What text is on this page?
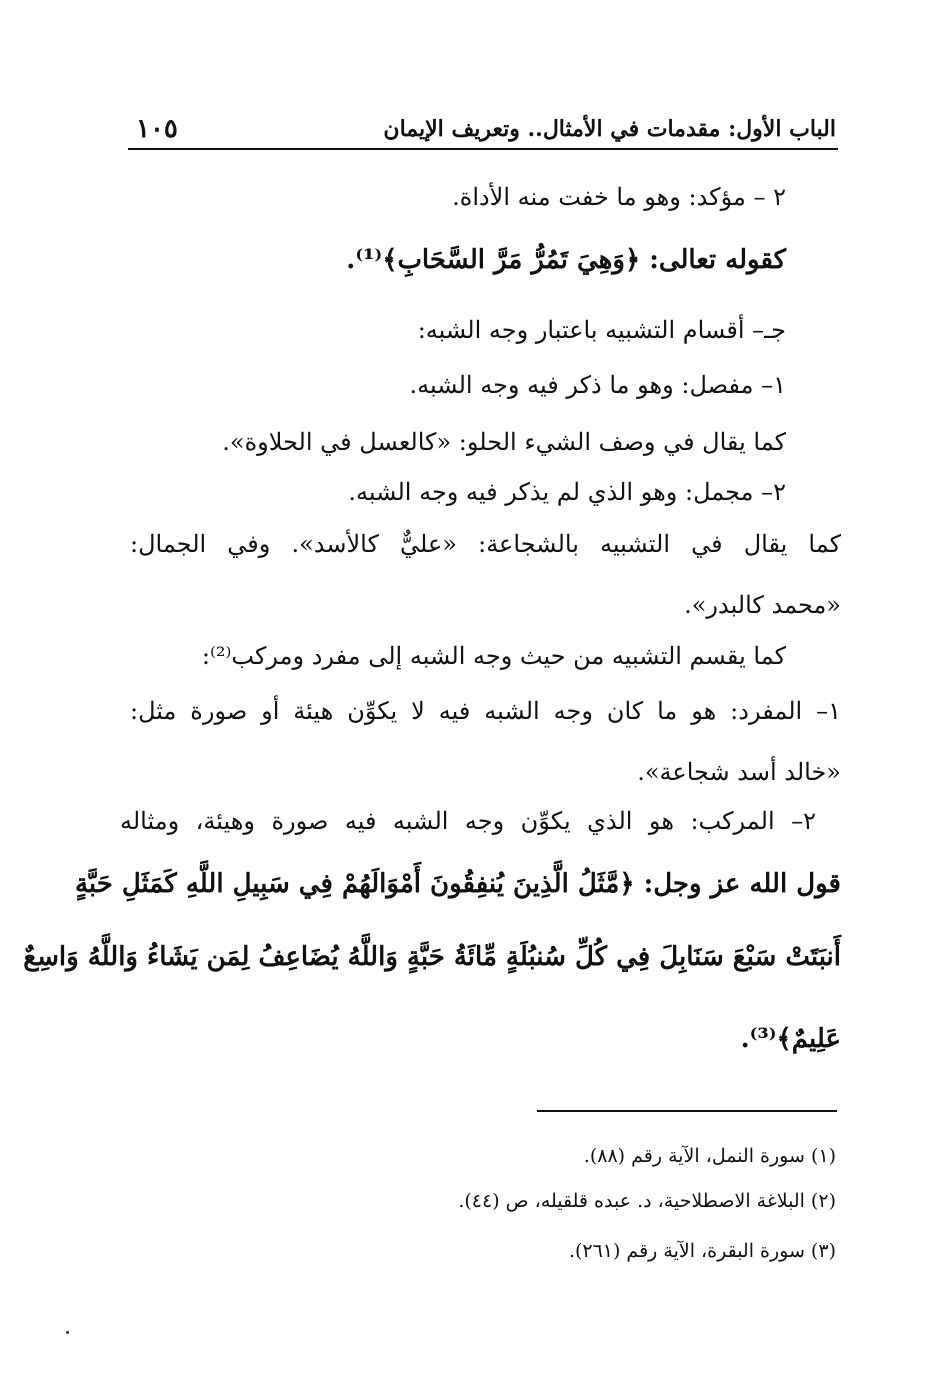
١٠٥	الباب الأول: مقدمات في الأمثال.. وتعريف الإيمان
٢ – مؤكد: وهو ما خفت منه الأداة.
كقوله تعالى: ﴿وَهِيَ تَمُرُّ مَرَّ السَّحَابِ﴾⁽¹⁾.
جـ– أقسام التشبيه باعتبار وجه الشبه:
١– مفصل: وهو ما ذكر فيه وجه الشبه.
كما يقال في وصف الشيء الحلو: «كالعسل في الحلاوة».
٢– مجمل: وهو الذي لم يذكر فيه وجه الشبه.
كما يقال في التشبيه بالشجاعة: «عليٌّ كالأسد». وفي الجمال:
«محمد كالبدر».
كما يقسم التشبيه من حيث وجه الشبه إلى مفرد ومركب⁽²⁾:
١– المفرد: هو ما كان وجه الشبه فيه لا يكوِّن هيئة أو صورة مثل:
«خالد أسد شجاعة».
٢– المركب: هو الذي يكوِّن وجه الشبه فيه صورة وهيئة، ومثاله
قول الله عز وجل: ﴿مَّثَلُ الَّذِينَ يُنفِقُونَ أَمْوَالَهُمْ فِي سَبِيلِ اللَّهِ كَمَثَلِ حَبَّةٍ
أَنبَتَتْ سَبْعَ سَنَابِلَ فِي كُلِّ سُنبُلَةٍ مِّائَةُ حَبَّةٍ وَاللَّهُ يُضَاعِفُ لِمَن يَشَاءُ وَاللَّهُ وَاسِعٌ
عَلِيمٌ﴾⁽³⁾.
(١) سورة النمل، الآية رقم (٨٨).
(٢) البلاغة الاصطلاحية، د. عبده قلقيله، ص (٤٤).
(٣) سورة البقرة، الآية رقم (٢٦١).
